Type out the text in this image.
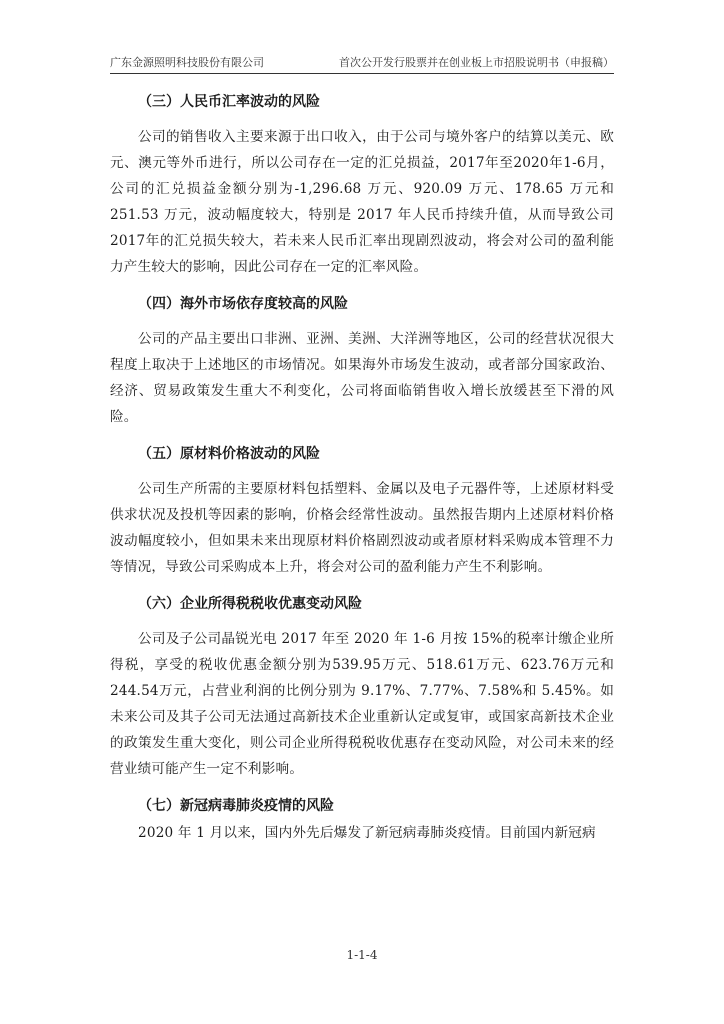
广东金源照明科技股份有限公司	首次公开发行股票并在创业板上市招股说明书（申报稿）
（三）人民币汇率波动的风险

公司的销售收入主要来源于出口收入，由于公司与境外客户的结算以美元、欧元、澳元等外币进行，所以公司存在一定的汇兑损益，2017年至2020年1-6月，公司的汇兑损益金额分别为-1,296.68 万元、920.09 万元、178.65 万元和251.53 万元，波动幅度较大，特别是 2017 年人民币持续升值，从而导致公司2017年的汇兑损失较大，若未来人民币汇率出现剧烈波动，将会对公司的盈利能力产生较大的影响，因此公司存在一定的汇率风险。

（四）海外市场依存度较高的风险

公司的产品主要出口非洲、亚洲、美洲、大洋洲等地区，公司的经营状况很大程度上取决于上述地区的市场情况。如果海外市场发生波动，或者部分国家政治、经济、贸易政策发生重大不利变化，公司将面临销售收入增长放缓甚至下滑的风险。

（五）原材料价格波动的风险

公司生产所需的主要原材料包括塑料、金属以及电子元器件等，上述原材料受供求状况及投机等因素的影响，价格会经常性波动。虽然报告期内上述原材料价格波动幅度较小，但如果未来出现原材料价格剧烈波动或者原材料采购成本管理不力等情况，导致公司采购成本上升，将会对公司的盈利能力产生不利影响。

（六）企业所得税税收优惠变动风险

公司及子公司晶锐光电 2017 年至 2020 年 1-6 月按 15%的税率计缴企业所得税，享受的税收优惠金额分别为539.95万元、518.61万元、623.76万元和244.54万元，占营业利润的比例分别为 9.17%、7.77%、7.58%和 5.45%。如未来公司及其子公司无法通过高新技术企业重新认定或复审，或国家高新技术企业的政策发生重大变化，则公司企业所得税税收优惠存在变动风险，对公司未来的经营业绩可能产生一定不利影响。

（七）新冠病毒肺炎疫情的风险

2020 年 1 月以来，国内外先后爆发了新冠病毒肺炎疫情。目前国内新冠病

1-1-4
